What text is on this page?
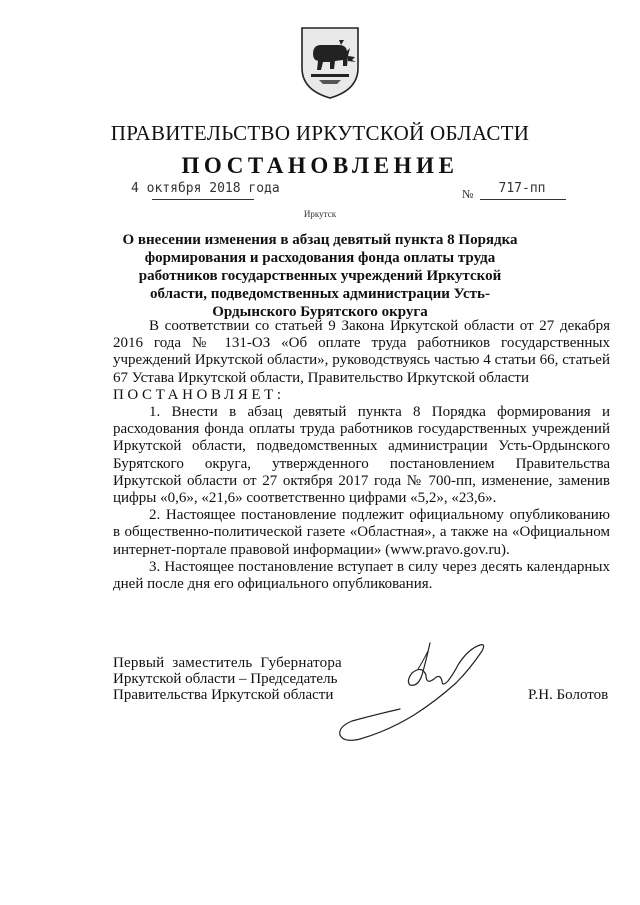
ПРАВИТЕЛЬСТВО ИРКУТСКОЙ ОБЛАСТИ
ПОСТАНОВЛЕНИЕ
4 октября 2018 года	№	717-пп
Иркутск
О внесении изменения в абзац девятый пункта 8 Порядка формирования и расходования фонда оплаты труда работников государственных учреждений Иркутской области, подведомственных администрации Усть-Ордынского Бурятского округа

В соответствии со статьей 9 Закона Иркутской области от 27 декабря 2016 года № 131-ОЗ «Об оплате труда работников государственных учреждений Иркутской области», руководствуясь частью 4 статьи 66, статьей 67 Устава Иркутской области, Правительство Иркутской области

ПОСТАНОВЛЯЕТ:

1. Внести в абзац девятый пункта 8 Порядка формирования и расходования фонда оплаты труда работников государственных учреждений Иркутской области, подведомственных администрации Усть-Ордынского Бурятского округа, утвержденного постановлением Правительства Иркутской области от 27 октября 2017 года № 700-пп, изменение, заменив цифры «0,6», «21,6» соответственно цифрами «5,2», «23,6».

2. Настоящее постановление подлежит официальному опубликованию в общественно-политической газете «Областная», а также на «Официальном интернет-портале правовой информации» (www.pravo.gov.ru).

3. Настоящее постановление вступает в силу через десять календарных дней после дня его официального опубликования.

Первый заместитель Губернатора
Иркутской области – Председатель
Правительства Иркутской области	Р.Н. Болотов
